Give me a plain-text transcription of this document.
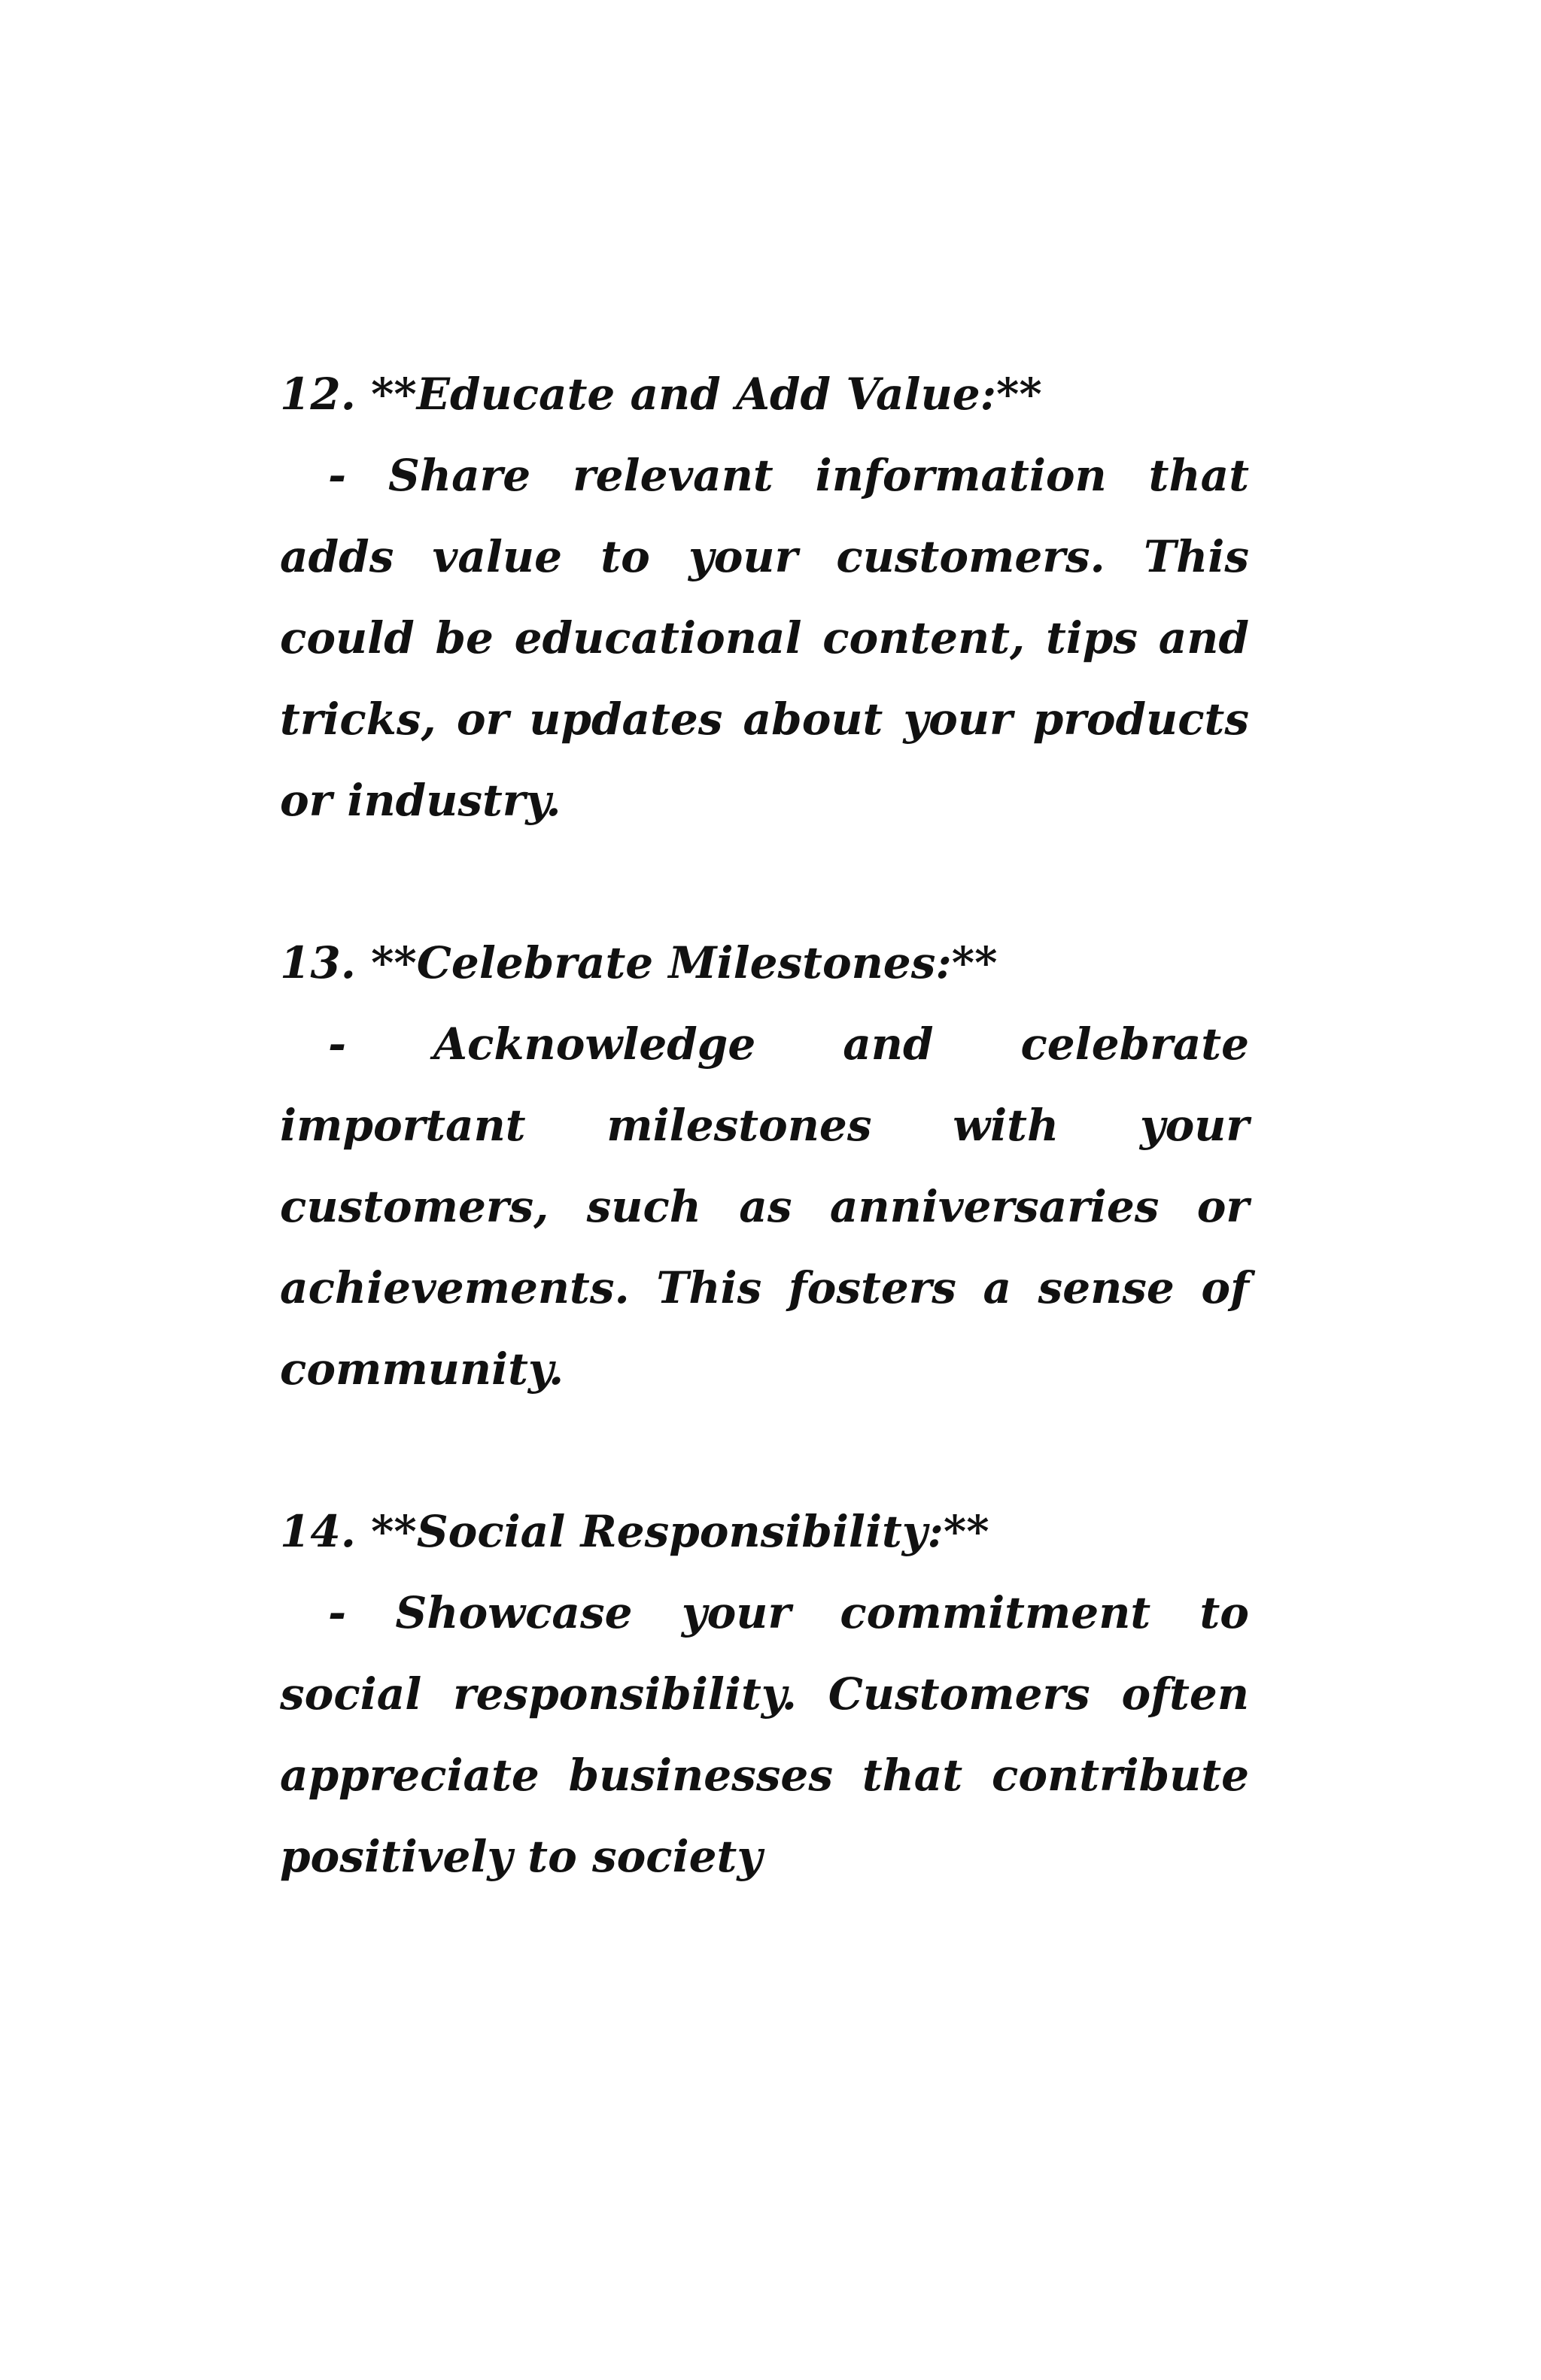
12. **Educate and Add Value:**
- Share relevant information that adds value to your customers. This could be educational content, tips and tricks, or updates about your products or industry.
13. **Celebrate Milestones:**
- Acknowledge and celebrate important milestones with your customers, such as anniversaries or achievements. This fosters a sense of community.
14. **Social Responsibility:**
- Showcase your commitment to social responsibility. Customers often appreciate businesses that contribute positively to society
